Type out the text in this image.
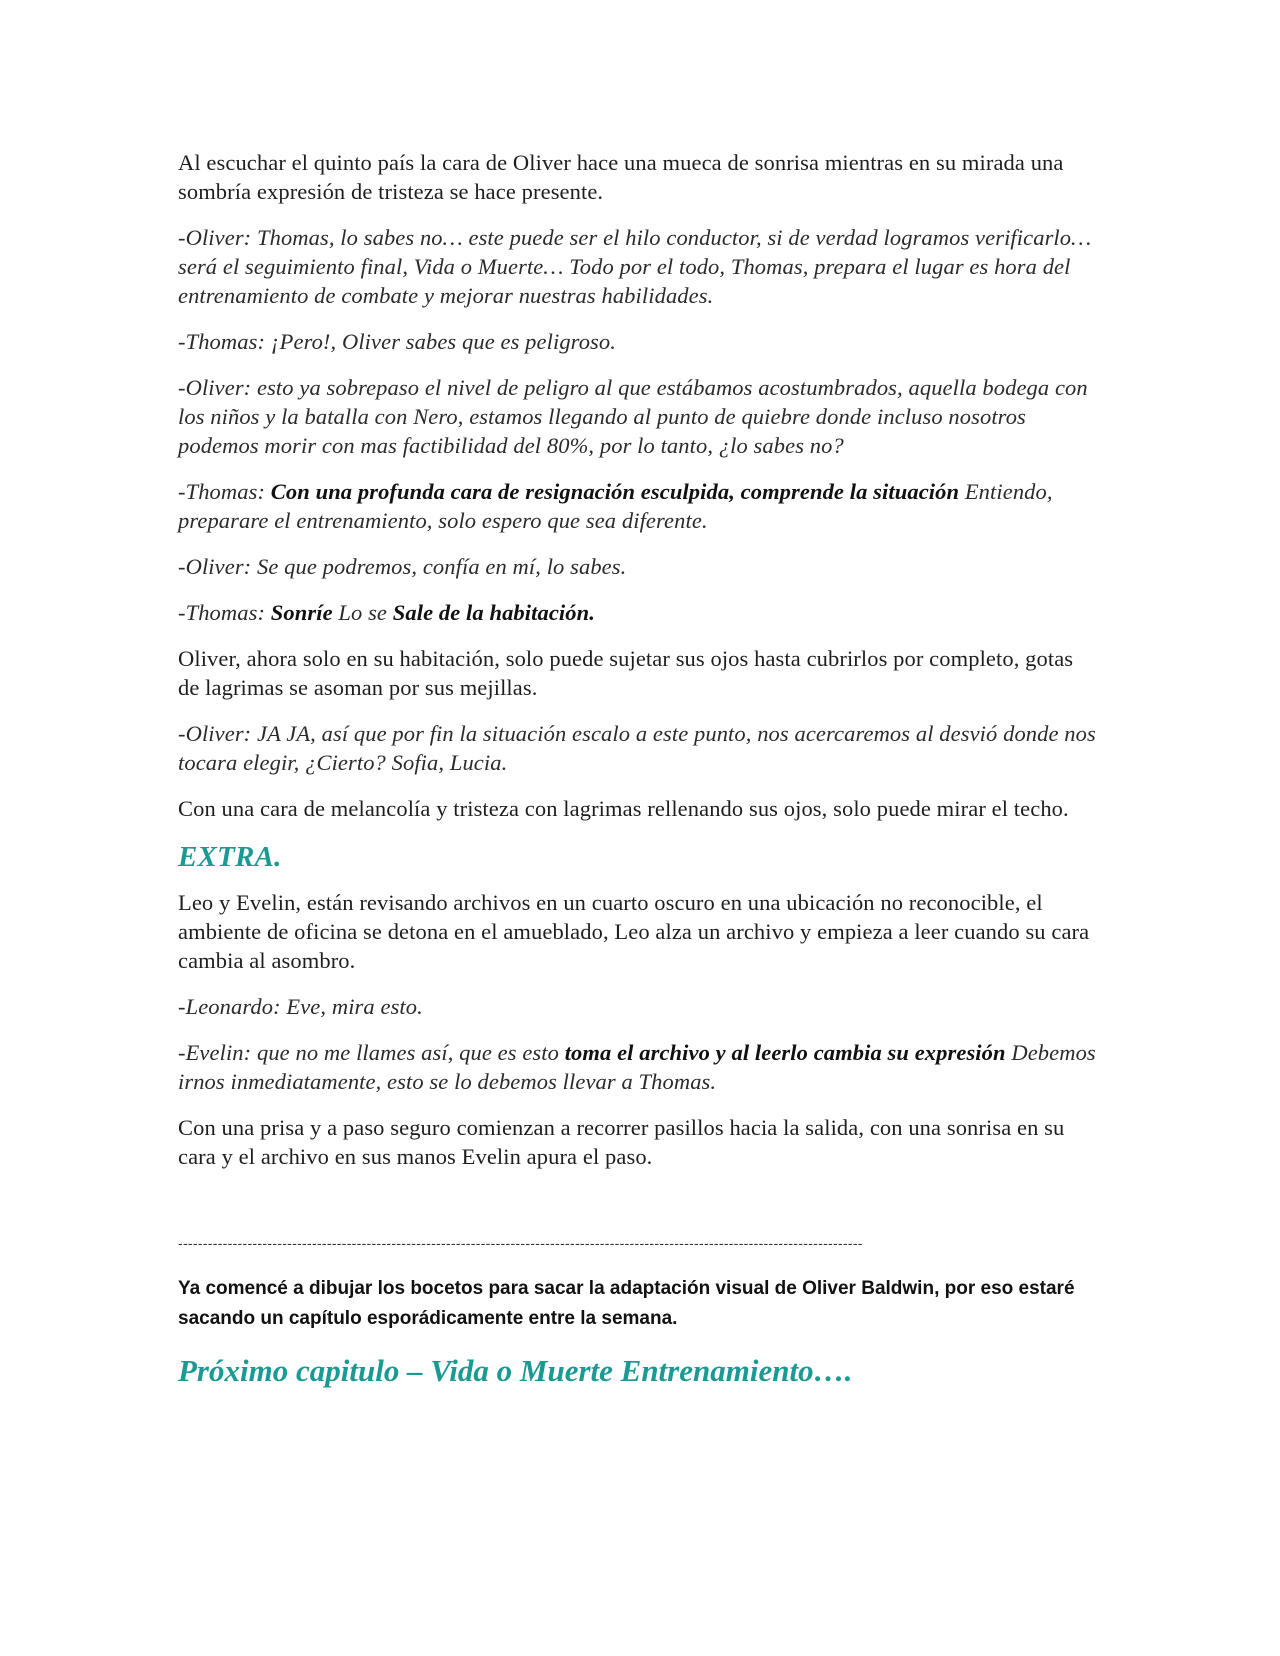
Al escuchar el quinto país la cara de Oliver hace una mueca de sonrisa mientras en su mirada una sombría expresión de tristeza se hace presente.

-Oliver: Thomas, lo sabes no… este puede ser el hilo conductor, si de verdad logramos verificarlo… será el seguimiento final, Vida o Muerte… Todo por el todo, Thomas, prepara el lugar es hora del entrenamiento de combate y mejorar nuestras habilidades.

-Thomas: ¡Pero!, Oliver sabes que es peligroso.

-Oliver: esto ya sobrepaso el nivel de peligro al que estábamos acostumbrados, aquella bodega con los niños y la batalla con Nero, estamos llegando al punto de quiebre donde incluso nosotros podemos morir con mas factibilidad del 80%, por lo tanto, ¿lo sabes no?

-Thomas: Con una profunda cara de resignación esculpida, comprende la situación Entiendo, preparare el entrenamiento, solo espero que sea diferente.

-Oliver: Se que podremos, confía en mí, lo sabes.

-Thomas: Sonríe Lo se Sale de la habitación.

Oliver, ahora solo en su habitación, solo puede sujetar sus ojos hasta cubrirlos por completo, gotas de lagrimas se asoman por sus mejillas.

-Oliver: JA JA, así que por fin la situación escalo a este punto, nos acercaremos al desvió donde nos tocara elegir, ¿Cierto? Sofia, Lucia.

Con una cara de melancolía y tristeza con lagrimas rellenando sus ojos, solo puede mirar el techo.

EXTRA.

Leo y Evelin, están revisando archivos en un cuarto oscuro en una ubicación no reconocible, el ambiente de oficina se detona en el amueblado, Leo alza un archivo y empieza a leer cuando su cara cambia al asombro.

-Leonardo: Eve, mira esto.

-Evelin: que no me llames así, que es esto toma el archivo y al leerlo cambia su expresión Debemos irnos inmediatamente, esto se lo debemos llevar a Thomas.

Con una prisa y a paso seguro comienzan a recorrer pasillos hacia la salida, con una sonrisa en su cara y el archivo en sus manos Evelin apura el paso.

------------------------------------------------------------------------------------------------------------------------------------------

Ya comencé a dibujar los bocetos para sacar la adaptación visual de Oliver Baldwin, por eso estaré sacando un capítulo esporádicamente entre la semana.

Próximo capitulo – Vida o Muerte Entrenamiento….
